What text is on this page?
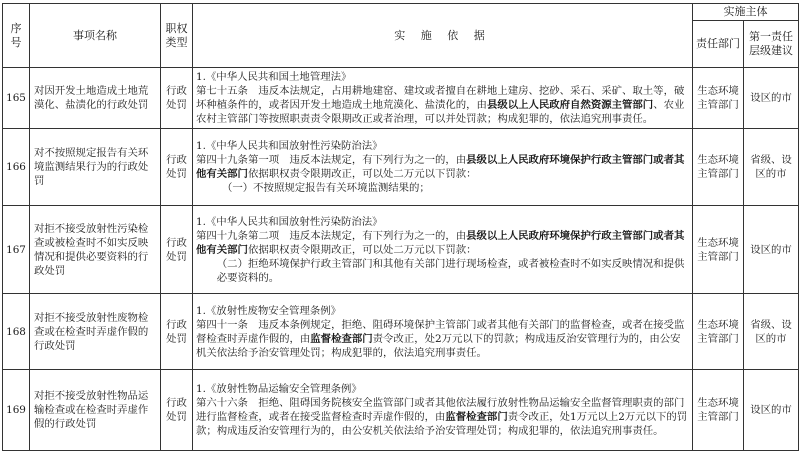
序号	事项名称	职权类型	实 施 依 据	实施主体	
				责任部门	第一责任层级建议
165	对因开发土地造成土地荒漠化、盐渍化的行政处罚	行政处罚	1.《中华人民共和国土地管理法》
第七十五条　违反本法规定，占用耕地建窑、建坟或者擅自在耕地上建房、挖砂、采石、采矿、取土等，破坏种植条件的，或者因开发土地造成土地荒漠化、盐渍化的，由县级以上人民政府自然资源主管部门、农业农村主管部门等按照职责责令限期改正或者治理，可以并处罚款；构成犯罪的，依法追究刑事责任。	生态环境主管部门	设区的市
166	对不按照规定报告有关环境监测结果行为的行政处罚	行政处罚	1.《中华人民共和国放射性污染防治法》
第四十九条第一项　违反本法规定，有下列行为之一的，由县级以上人民政府环境保护行政主管部门或者其他有关部门依据职权责令限期改正，可以处二万元以下罚款：
（一）不按照规定报告有关环境监测结果的；	生态环境主管部门	省级、设区的市
167	对拒不接受放射性污染检查或被检查时不如实反映情况和提供必要资料的行政处罚	行政处罚	1.《中华人民共和国放射性污染防治法》
第四十九条第二项　违反本法规定，有下列行为之一的，由县级以上人民政府环境保护行政主管部门或者其他有关部门依据职权责令限期改正，可以处二万元以下罚款：
（二）拒绝环境保护行政主管部门和其他有关部门进行现场检查，或者被检查时不如实反映情况和提供必要资料的。	生态环境主管部门	设区的市
168	对拒不接受放射性废物检查或在检查时弄虚作假的行政处罚	行政处罚	1.《放射性废物安全管理条例》
第四十一条　违反本条例规定，拒绝、阻碍环境保护主管部门或者其他有关部门的监督检查，或者在接受监督检查时弄虚作假的，由监督检查部门责令改正，处2万元以下的罚款；构成违反治安管理行为的，由公安机关依法给予治安管理处罚；构成犯罪的，依法追究刑事责任。	生态环境主管部门	省级、设区的市
169	对拒不接受放射性物品运输检查或在检查时弄虚作假的行政处罚	行政处罚	1.《放射性物品运输安全管理条例》
第六十六条　拒绝、阻碍国务院核安全监管部门或者其他依法履行放射性物品运输安全监督管理职责的部门进行监督检查，或者在接受监督检查时弄虚作假的，由监督检查部门责令改正，处1万元以上2万元以下的罚款；构成违反治安管理行为的，由公安机关依法给予治安管理处罚；构成犯罪的，依法追究刑事责任。	生态环境主管部门	设区的市
